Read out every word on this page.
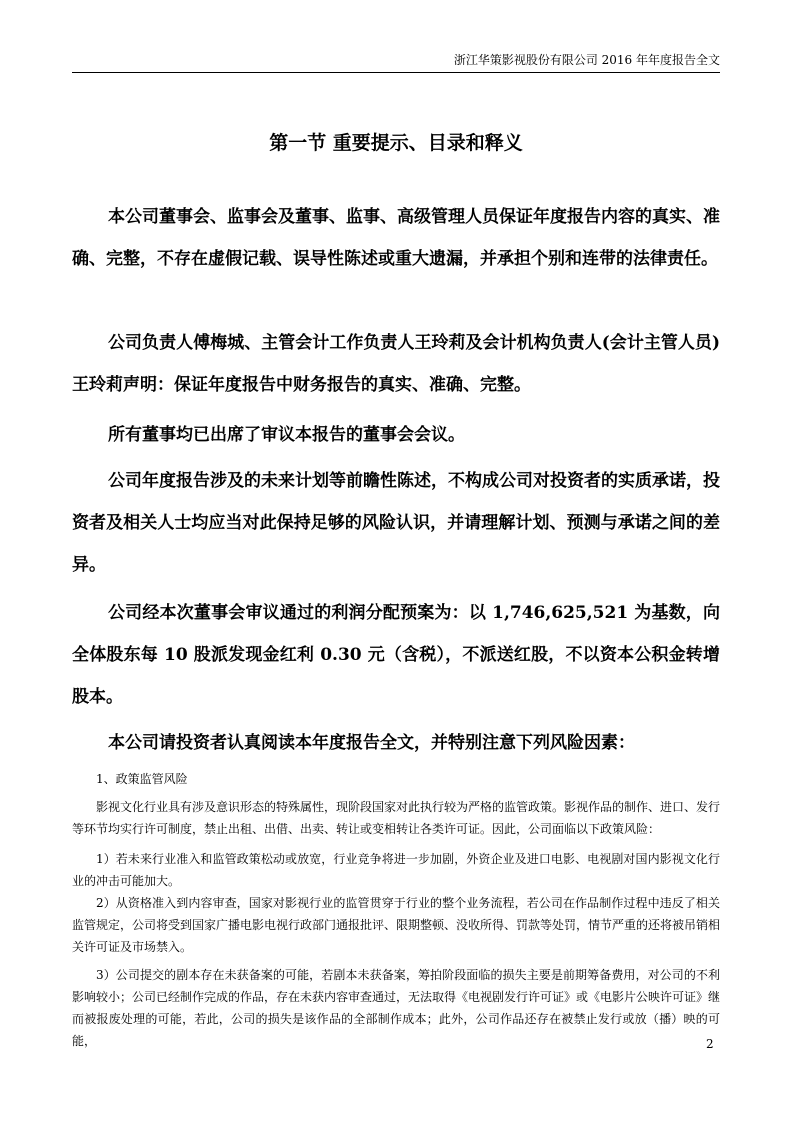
浙江华策影视股份有限公司 2016 年年度报告全文
第一节 重要提示、目录和释义

本公司董事会、监事会及董事、监事、高级管理人员保证年度报告内容的真实、准确、完整，不存在虚假记载、误导性陈述或重大遗漏，并承担个别和连带的法律责任。

公司负责人傅梅城、主管会计工作负责人王玲莉及会计机构负责人(会计主管人员)王玲莉声明：保证年度报告中财务报告的真实、准确、完整。

所有董事均已出席了审议本报告的董事会会议。

公司年度报告涉及的未来计划等前瞻性陈述，不构成公司对投资者的实质承诺，投资者及相关人士均应当对此保持足够的风险认识，并请理解计划、预测与承诺之间的差异。

公司经本次董事会审议通过的利润分配预案为：以 1,746,625,521 为基数，向全体股东每 10 股派发现金红利 0.30 元（含税），不派送红股，不以资本公积金转增股本。

本公司请投资者认真阅读本年度报告全文，并特别注意下列风险因素：

1、政策监管风险

影视文化行业具有涉及意识形态的特殊属性，现阶段国家对此执行较为严格的监管政策。影视作品的制作、进口、发行等环节均实行许可制度，禁止出租、出借、出卖、转让或变相转让各类许可证。因此，公司面临以下政策风险：

1）若未来行业准入和监管政策松动或放宽，行业竞争将进一步加剧，外资企业及进口电影、电视剧对国内影视文化行业的冲击可能加大。

2）从资格准入到内容审查，国家对影视行业的监管贯穿于行业的整个业务流程，若公司在作品制作过程中违反了相关监管规定，公司将受到国家广播电影电视行政部门通报批评、限期整顿、没收所得、罚款等处罚，情节严重的还将被吊销相关许可证及市场禁入。

3）公司提交的剧本存在未获备案的可能，若剧本未获备案，筹拍阶段面临的损失主要是前期筹备费用，对公司的不利影响较小；公司已经制作完成的作品，存在未获内容审查通过，无法取得《电视剧发行许可证》或《电影片公映许可证》继而被报废处理的可能，若此，公司的损失是该作品的全部制作成本；此外，公司作品还存在被禁止发行或放（播）映的可能，	2
